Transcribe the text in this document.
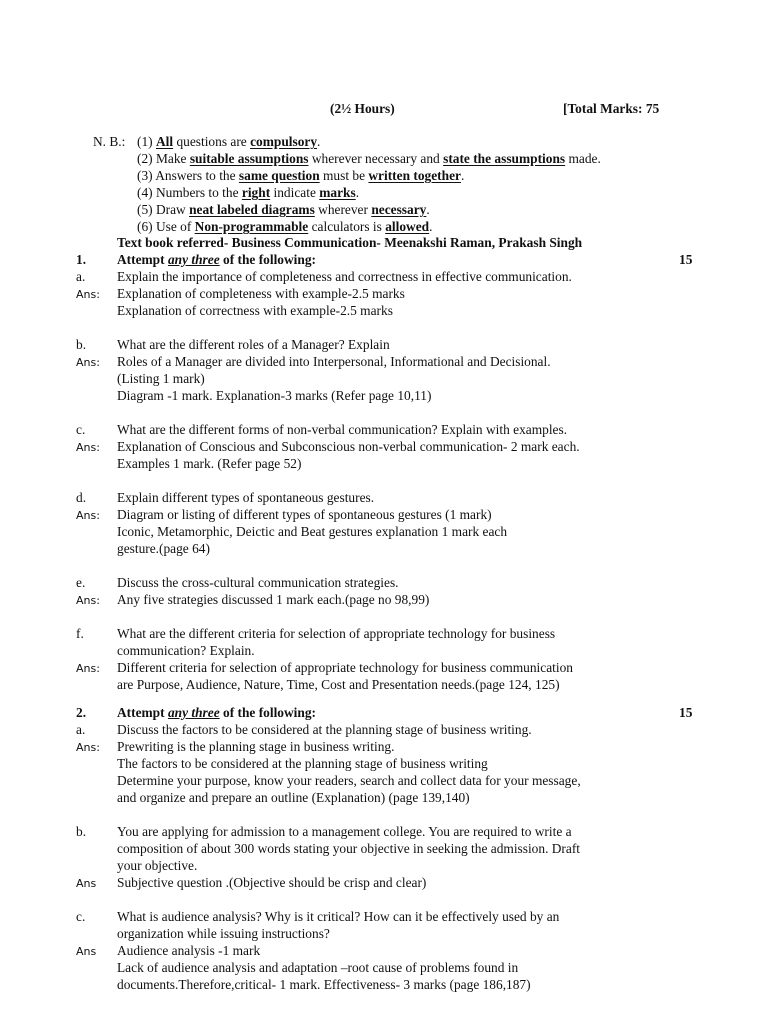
(2½ Hours)	[Total Marks: 75
N. B.:
Text book referred- Business Communication- Meenakshi Raman, Prakash Singh
(1) All questions are compulsory.
(2) Make suitable assumptions wherever necessary and state the assumptions made.
(3) Answers to the same question must be written together.
(4) Numbers to the right indicate marks.
(5) Draw neat labeled diagrams wherever necessary.
(6) Use of Non-programmable calculators is allowed.
1. Attempt any three of the following:	15
a. Explain the importance of completeness and correctness in effective communication.
Ans: Explanation of completeness with example-2.5 marks
Explanation of correctness with example-2.5 marks
b. What are the different roles of a Manager? Explain
Ans: Roles of a Manager are divided into Interpersonal, Informational and Decisional.
(Listing 1 mark)
Diagram -1 mark. Explanation-3 marks (Refer page 10,11)
c. What are the different forms of non-verbal communication? Explain with examples.
Ans: Explanation of Conscious and Subconscious non-verbal communication- 2 mark each.
Examples 1 mark. (Refer page 52)
d. Explain different types of spontaneous gestures.
Ans: Diagram or listing of different types of spontaneous gestures (1 mark)
Iconic, Metamorphic, Deictic and Beat gestures explanation 1 mark each
gesture.(page 64)
e. Discuss the cross-cultural communication strategies.
Ans: Any five strategies discussed 1 mark each.(page no 98,99)
f. What are the different criteria for selection of appropriate technology for business
communication? Explain.
Ans: Different criteria for selection of appropriate technology for business communication
are Purpose, Audience, Nature, Time, Cost and Presentation needs.(page 124, 125)
2. Attempt any three of the following:	15
a. Discuss the factors to be considered at the planning stage of business writing.
Ans: Prewriting is the planning stage in business writing.
The factors to be considered at the planning stage of business writing
Determine your purpose, know your readers, search and collect data for your message,
and organize and prepare an outline (Explanation) (page 139,140)
b. You are applying for admission to a management college. You are required to write a
composition of about 300 words stating your objective in seeking the admission. Draft
your objective.
Ans Subjective question .(Objective should be crisp and clear)
c. What is audience analysis? Why is it critical? How can it be effectively used by an
organization while issuing instructions?
Ans Audience analysis -1 mark
Lack of audience analysis and adaptation –root cause of problems found in
documents.Therefore,critical- 1 mark. Effectiveness- 3 marks (page 186,187)
